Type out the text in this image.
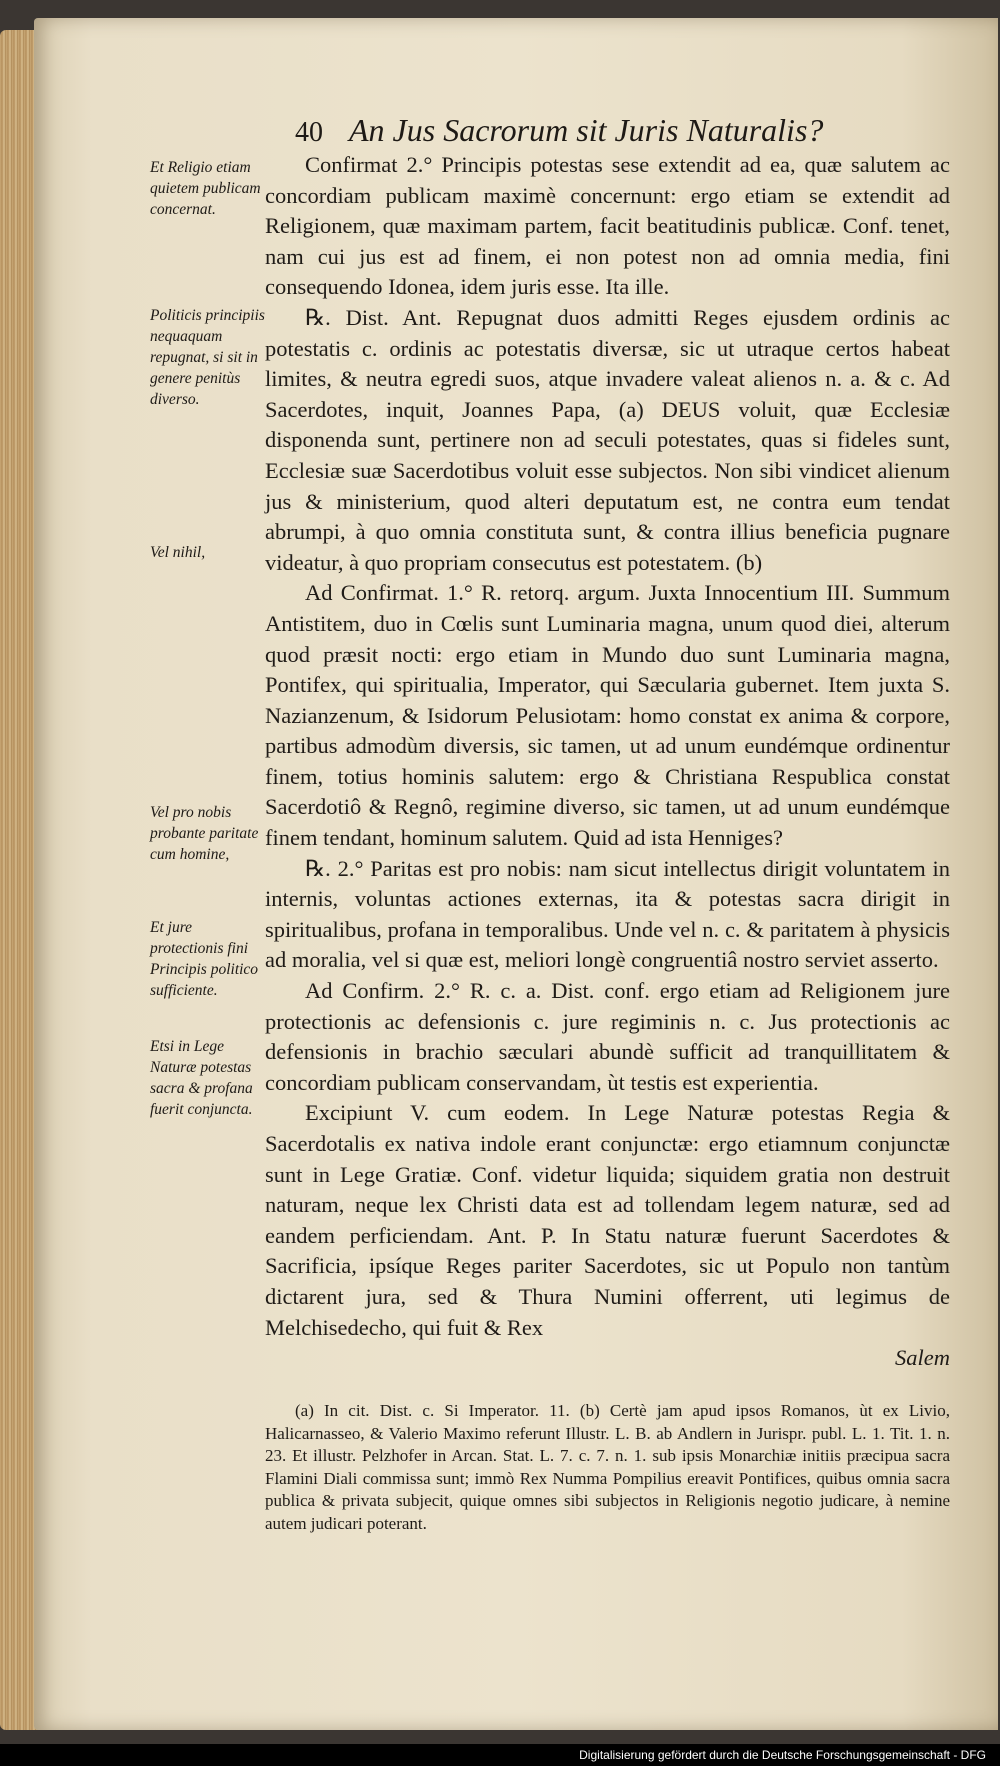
40 An Jus Sacrorum sit Juris Naturalis?
Et Religio etiam quietem publicam concernat.
Politicis principiis nequaquam repugnat, si sit in genere penitùs diverso.
Vel nihil,
Vel pro nobis probante paritate cum homine,
Et jure protectionis fini Principis politico sufficiente.
Etsi in Lege Naturæ potestas sacra & profana fuerit conjuncta.

Confirmat 2.° Principis potestas sese extendit ad ea, quæ salutem ac concordiam publicam maximè concernunt: ergo etiam se extendit ad Religionem, quæ maximam partem, facit beatitudinis publicæ. Conf. tenet, nam cui jus est ad finem, ei non potest non ad omnia media, fini consequendo Idonea, idem juris esse. Ita ille.

℞. Dist. Ant. Repugnat duos admitti Reges ejusdem ordinis ac potestatis c. ordinis ac potestatis diversæ, sic ut utraque certos habeat limites, & neutra egredi suos, atque invadere valeat alienos n. a. & c. Ad Sacerdotes, inquit, Joannes Papa, (a) DEUS voluit, quæ Ecclesiæ disponenda sunt, pertinere non ad seculi potestates, quas si fideles sunt, Ecclesiæ suæ Sacerdotibus voluit esse subjectos. Non sibi vindicet alienum jus & ministerium, quod alteri deputatum est, ne contra eum tendat abrumpi, à quo omnia constituta sunt, & contra illius beneficia pugnare videatur, à quo propriam consecutus est potestatem. (b)

Ad Confirmat. 1.° R. retorq. argum. Juxta Innocentium III. Summum Antistitem, duo in Cœlis sunt Luminaria magna, unum quod diei, alterum quod præsit nocti: ergo etiam in Mundo duo sunt Luminaria magna, Pontifex, qui spiritualia, Imperator, qui Sæcularia gubernet. Item juxta S. Nazianzenum, & Isidorum Pelusiotam: homo constat ex anima & corpore, partibus admodùm diversis, sic tamen, ut ad unum eundémque ordinentur finem, totius hominis salutem: ergo & Christiana Respublica constat Sacerdotiô & Regnô, regimine diverso, sic tamen, ut ad unum eundémque finem tendant, hominum salutem. Quid ad ista Henniges?

℞. 2.° Paritas est pro nobis: nam sicut intellectus dirigit voluntatem in internis, voluntas actiones externas, ita & potestas sacra dirigit in spiritualibus, profana in temporalibus. Unde vel n. c. & paritatem à physicis ad moralia, vel si quæ est, meliori longè congruentiâ nostro serviet asserto.

Ad Confirm. 2.° R. c. a. Dist. conf. ergo etiam ad Religionem jure protectionis ac defensionis c. jure regiminis n. c. Jus protectionis ac defensionis in brachio sæculari abundè sufficit ad tranquillitatem & concordiam publicam conservandam, ùt testis est experientia.

Excipiunt V. cum eodem. In Lege Naturæ potestas Regia & Sacerdotalis ex nativa indole erant conjunctæ: ergo etiamnum conjunctæ sunt in Lege Gratiæ. Conf. videtur liquida; siquidem gratia non destruit naturam, neque lex Christi data est ad tollendam legem naturæ, sed ad eandem perficiendam. Ant. P. In Statu naturæ fuerunt Sacerdotes & Sacrificia, ipsíque Reges pariter Sacerdotes, sic ut Populo non tantùm dictarent jura, sed & Thura Numini offerrent, uti legimus de Melchisedecho, qui fuit & Rex

Salem

(a) In cit. Dist. c. Si Imperator. 11. (b) Certè jam apud ipsos Romanos, ùt ex Livio, Halicarnasseo, & Valerio Maximo referunt Illustr. L. B. ab Andlern in Jurispr. publ. L. 1. Tit. 1. n. 23. Et illustr. Pelzhofer in Arcan. Stat. L. 7. c. 7. n. 1. sub ipsis Monarchiæ initiis præcipua sacra Flamini Diali commissa sunt; immò Rex Numma Pompilius ereavit Pontifices, quibus omnia sacra publica & privata subjecit, quique omnes sibi subjectos in Religionis negotio judicare, à nemine autem judicari poterant.

Digitalisierung gefördert durch die Deutsche Forschungsgemeinschaft - DFG
